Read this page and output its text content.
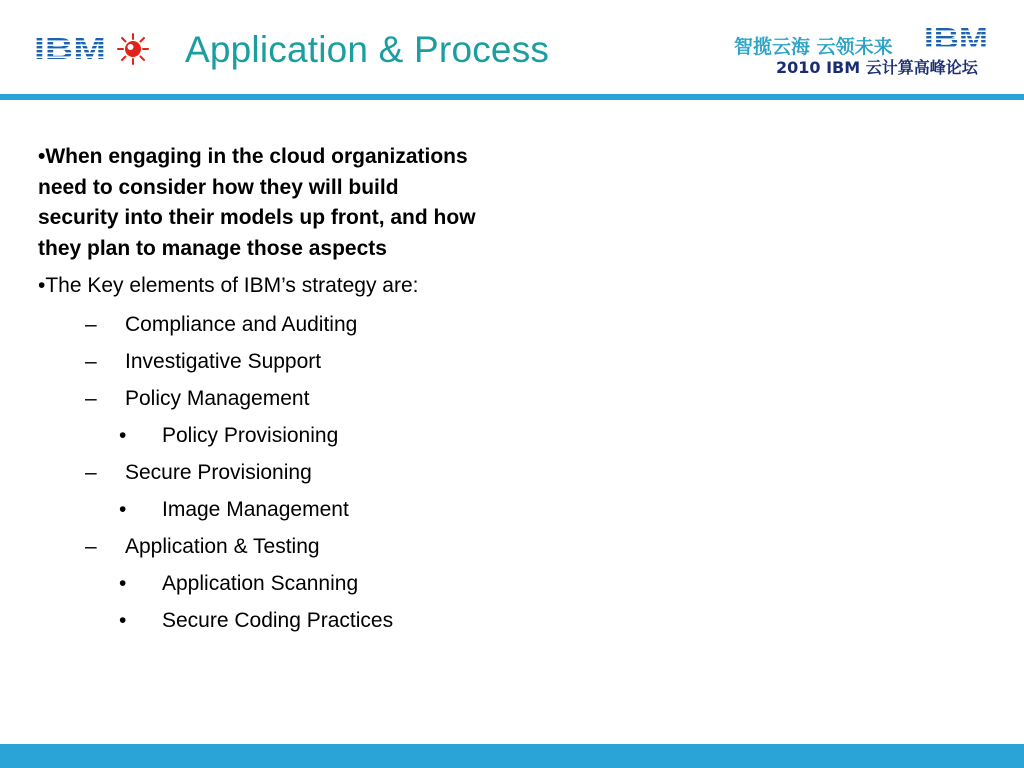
Application & Process	智揽云海 云领未来
2010 IBM 云计算高峰论坛

•When engaging in the cloud organizations need to consider how they will build security into their models up front, and how they plan to manage those aspects

•The Key elements of IBM’s strategy are:

– Compliance and Auditing
– Investigative Support
– Policy Management
• Policy Provisioning
– Secure Provisioning
• Image Management
– Application & Testing
• Application Scanning
• Secure Coding Practices
